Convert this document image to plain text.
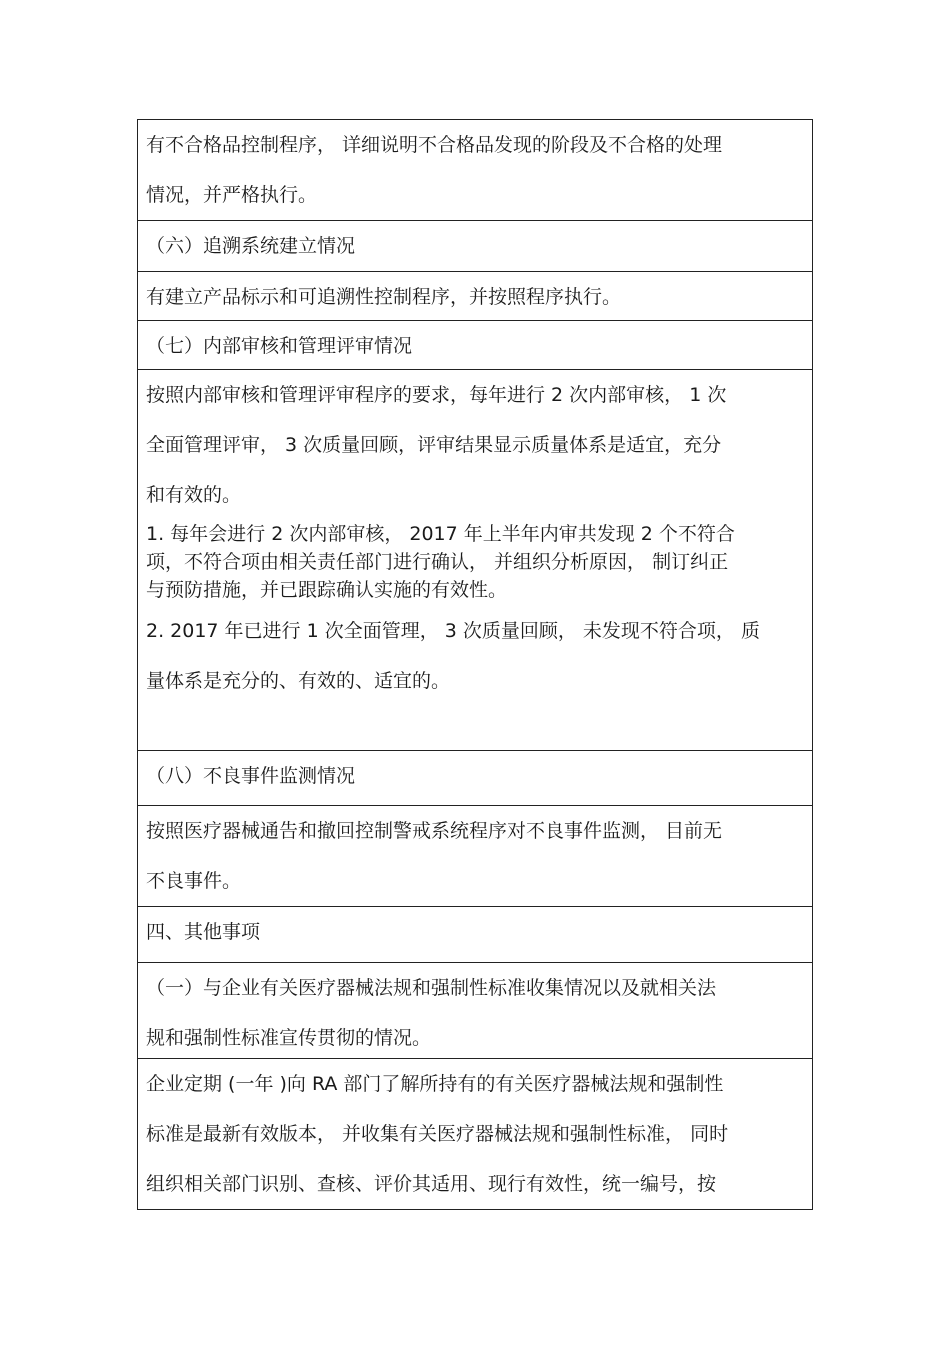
有不合格品控制程序， 详细说明不合格品发现的阶段及不合格的处理
情况，并严格执行。
（六）追溯系统建立情况
有建立产品标示和可追溯性控制程序，并按照程序执行。
（七）内部审核和管理评审情况
按照内部审核和管理评审程序的要求，每年进行 2 次内部审核， 1 次
全面管理评审， 3 次质量回顾，评审结果显示质量体系是适宜，充分
和有效的。
1. 每年会进行 2 次内部审核， 2017 年上半年内审共发现 2 个不符合
项，不符合项由相关责任部门进行确认， 并组织分析原因， 制订纠正
与预防措施，并已跟踪确认实施的有效性。
2. 2017 年已进行 1 次全面管理， 3 次质量回顾， 未发现不符合项， 质
量体系是充分的、有效的、适宜的。

（八）不良事件监测情况
按照医疗器械通告和撤回控制警戒系统程序对不良事件监测， 目前无
不良事件。
四、其他事项
（一）与企业有关医疗器械法规和强制性标准收集情况以及就相关法
规和强制性标准宣传贯彻的情况。
企业定期 (一年 )向 RA 部门了解所持有的有关医疗器械法规和强制性
标准是最新有效版本， 并收集有关医疗器械法规和强制性标准， 同时
组织相关部门识别、查核、评价其适用、现行有效性，统一编号，按
